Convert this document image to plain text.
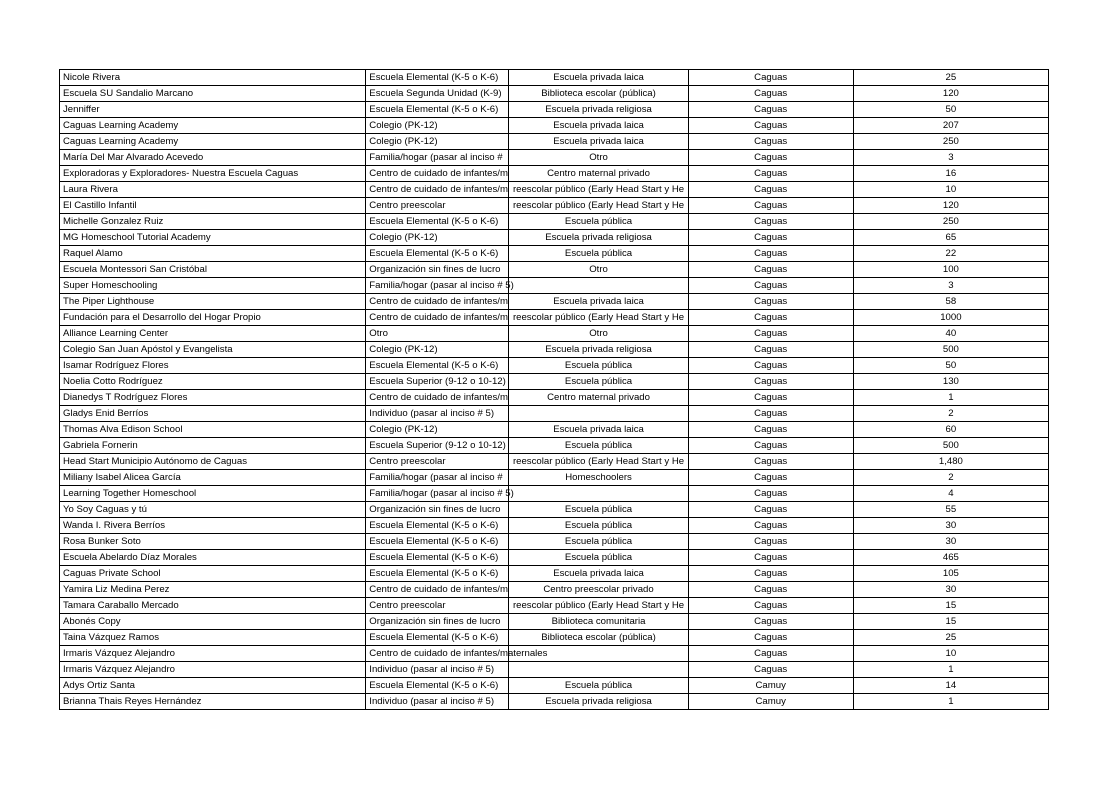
Nicole Rivera	Escuela Elemental (K-5 o K-6)	Escuela privada laica	Caguas	25
Escuela SU Sandalio Marcano	Escuela Segunda Unidad (K-9)	Biblioteca escolar (pública)	Caguas	120
Jenniffer	Escuela Elemental (K-5 o K-6)	Escuela privada religiosa	Caguas	50
Caguas Learning Academy	Colegio (PK-12)	Escuela privada laica	Caguas	207
Caguas Learning Academy	Colegio (PK-12)	Escuela privada laica	Caguas	250
María Del Mar Alvarado Acevedo	Familia/hogar (pasar al inciso #	Otro	Caguas	3
Exploradoras y Exploradores- Nuestra Escuela Caguas	Centro de cuidado de infantes/m	Centro maternal privado	Caguas	16
Laura Rivera	Centro de cuidado de infantes/m	reescolar público (Early Head Start y He	Caguas	10
El Castillo Infantil	Centro preescolar	reescolar público (Early Head Start y He	Caguas	120
Michelle Gonzalez Ruiz	Escuela Elemental (K-5 o K-6)	Escuela pública	Caguas	250
MG Homeschool Tutorial Academy	Colegio (PK-12)	Escuela privada religiosa	Caguas	65
Raquel Alamo	Escuela Elemental (K-5 o K-6)	Escuela pública	Caguas	22
Escuela Montessori San Cristóbal	Organización sin fines de lucro	Otro	Caguas	100
Super Homeschooling	Familia/hogar (pasar al inciso # 5)		Caguas	3
The Piper Lighthouse	Centro de cuidado de infantes/m	Escuela privada laica	Caguas	58
Fundación para el Desarrollo del Hogar Propio	Centro de cuidado de infantes/m	reescolar público (Early Head Start y He	Caguas	1000
Alliance Learning Center	Otro	Otro	Caguas	40
Colegio San Juan Apóstol y Evangelista	Colegio (PK-12)	Escuela privada religiosa	Caguas	500
Isamar Rodríguez Flores	Escuela Elemental (K-5 o K-6)	Escuela pública	Caguas	50
Noelia Cotto Rodríguez	Escuela Superior (9-12 o 10-12)	Escuela pública	Caguas	130
Dianedys T Rodríguez Flores	Centro de cuidado de infantes/m	Centro maternal privado	Caguas	1
Gladys Enid Berríos	Individuo (pasar al inciso # 5)		Caguas	2
Thomas Alva Edison School	Colegio (PK-12)	Escuela privada laica	Caguas	60
Gabriela Fornerin	Escuela Superior (9-12 o 10-12)	Escuela pública	Caguas	500
Head Start Municipio Autónomo de Caguas	Centro preescolar	reescolar público (Early Head Start y He	Caguas	1,480
Miliany Isabel Alicea García	Familia/hogar (pasar al inciso #	Homeschoolers	Caguas	2
Learning Together Homeschool	Familia/hogar (pasar al inciso # 5)		Caguas	4
Yo Soy Caguas y tú	Organización sin fines de lucro	Escuela pública	Caguas	55
Wanda I. Rivera Berríos	Escuela Elemental (K-5 o K-6)	Escuela pública	Caguas	30
Rosa Bunker Soto	Escuela Elemental (K-5 o K-6)	Escuela pública	Caguas	30
Escuela Abelardo Díaz Morales	Escuela Elemental (K-5 o K-6)	Escuela pública	Caguas	465
Caguas Private School	Escuela Elemental (K-5 o K-6)	Escuela privada laica	Caguas	105
Yamira Liz Medina Perez	Centro de cuidado de infantes/m	Centro preescolar privado	Caguas	30
Tamara Caraballo Mercado	Centro preescolar	reescolar público (Early Head Start y He	Caguas	15
Abonés Copy	Organización sin fines de lucro	Biblioteca comunitaria	Caguas	15
Taina Vázquez Ramos	Escuela Elemental (K-5 o K-6)	Biblioteca escolar (pública)	Caguas	25
Irmaris Vázquez Alejandro	Centro de cuidado de infantes/maternales		Caguas	10
Irmaris Vázquez Alejandro	Individuo (pasar al inciso # 5)		Caguas	1
Adys Ortiz Santa	Escuela Elemental (K-5 o K-6)	Escuela pública	Camuy	14
Brianna Thais Reyes Hernández	Individuo (pasar al inciso # 5)	Escuela privada religiosa	Camuy	1
